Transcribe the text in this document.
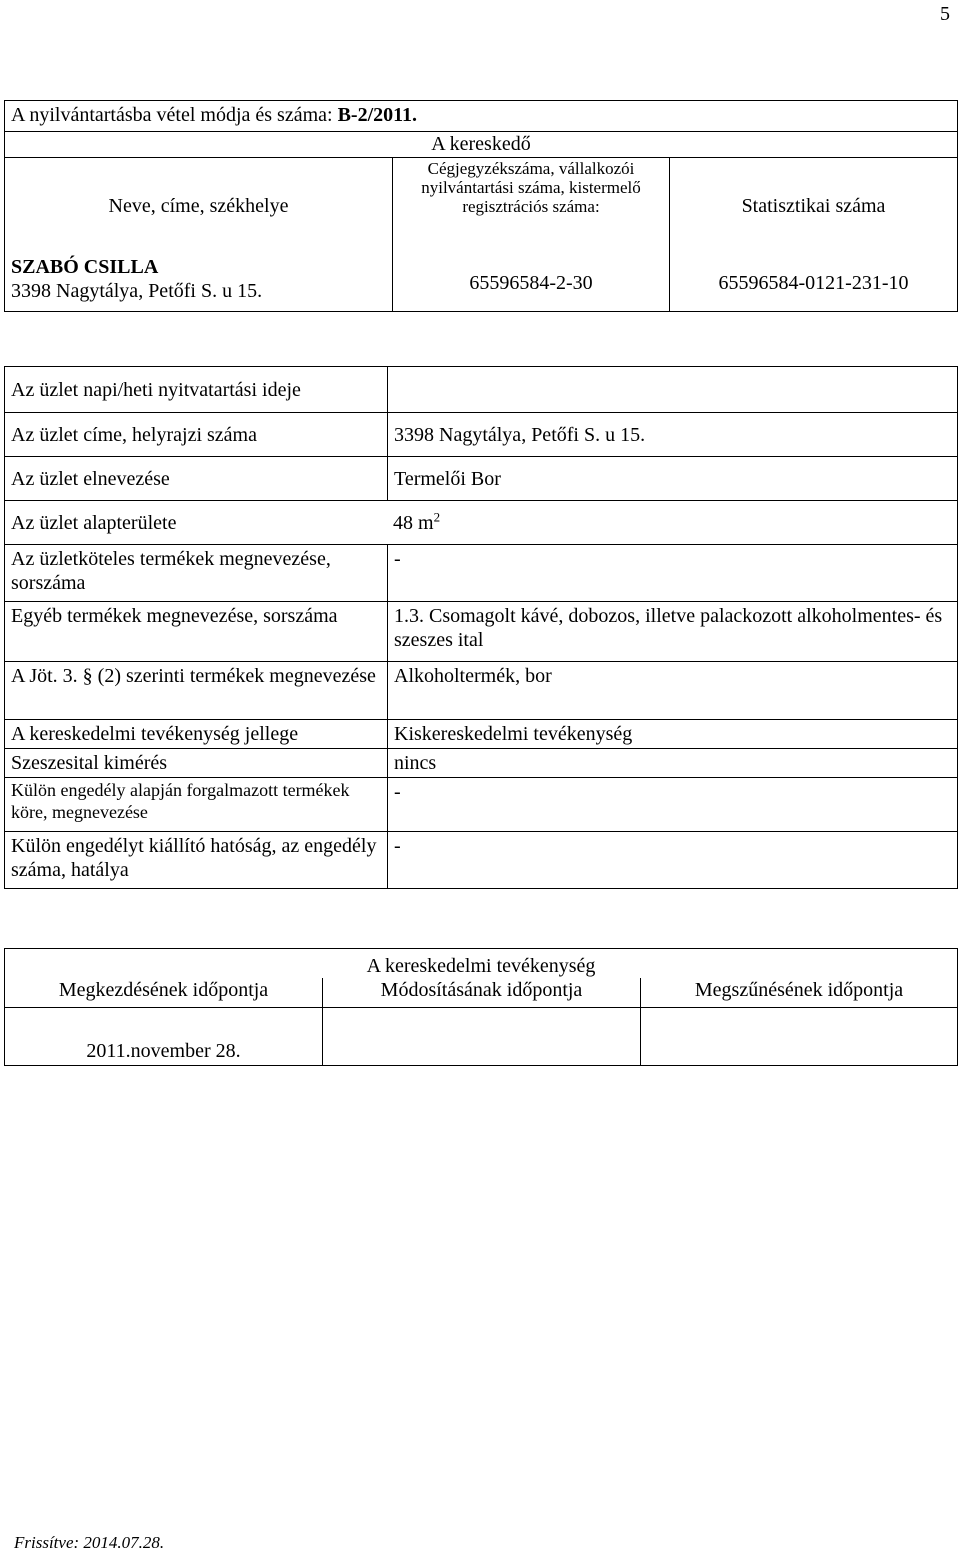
5
A nyilvántartásba vétel módja és száma: B-2/2011.		
A kereskedő		
Neve, címe, székhelye	Cégjegyzékszáma, vállalkozói nyilvántartási száma, kistermelő regisztrációs száma:	Statisztikai száma

SZABÓ CSILLA
3398 Nagytálya, Petőfi S. u 15.	65596584-2-30	65596584-0121-231-10
Az üzlet napi/heti nyitvatartási ideje	
Az üzlet címe, helyrajzi száma	3398 Nagytálya, Petőfi S. u 15.
Az üzlet elnevezése	Termelői Bor
Az üzlet alapterülete 48 $m^2$
Az üzletköteles termékek megnevezése, sorszáma	-
Egyéb termékek megnevezése, sorszáma	1.3. Csomagolt kávé, dobozos, illetve palackozott alkoholmentes- és szeszes ital
A Jöt. 3. § (2) szerinti termékek megnevezése	Alkoholtermék, bor
A kereskedelmi tevékenység jellege	Kiskereskedelmi tevékenység
Szeszesital kimérés	nincs
Külön engedély alapján forgalmazott termékek köre, megnevezése	-
Külön engedélyt kiállító hatóság, az engedély száma, hatálya	-
A kereskedelmi tevékenység		
Megkezdésének időpontja	Módosításának időpontja	Megszűnésének időpontja
2011.november 28.		
Frissítve: 2014.07.28.
